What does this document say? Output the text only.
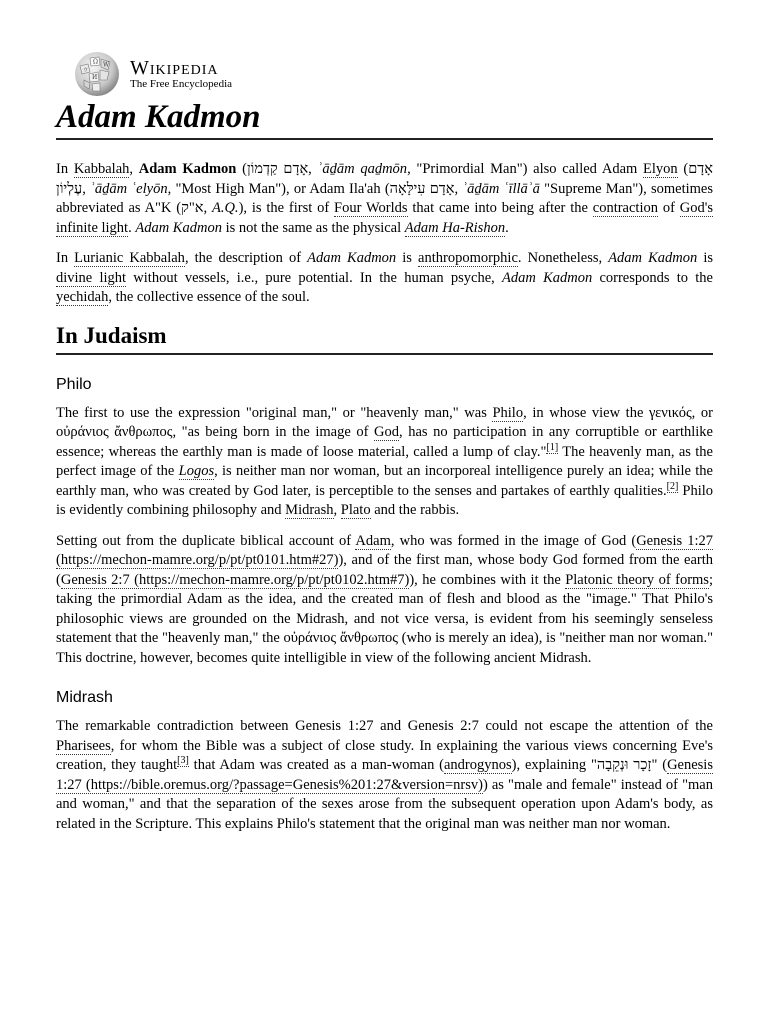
Ω W
И
ウ Wikipedia
The Free Encyclopedia
Adam Kadmon

In Kabbalah, Adam Kadmon (אָדָם קַדְמוֹן, ʾāḏām qaḏmōn, "Primordial Man") also called Adam Elyon (אָדָם עֶלְיוֹן, ʾāḏām ʿelyōn, "Most High Man"), or Adam Ila'ah (אָדָם עִילָּאָה, ʾāḏām ʿīllāʾā "Supreme Man"), sometimes abbreviated as A"K (א"ק, A.Q.), is the first of Four Worlds that came into being after the contraction of God's infinite light. Adam Kadmon is not the same as the physical Adam Ha-Rishon.

In Lurianic Kabbalah, the description of Adam Kadmon is anthropomorphic. Nonetheless, Adam Kadmon is divine light without vessels, i.e., pure potential. In the human psyche, Adam Kadmon corresponds to the yechidah, the collective essence of the soul.

In Judaism
Philo

The first to use the expression "original man," or "heavenly man," was Philo, in whose view the γενικός, or οὐράνιος ἄνθρωπος, "as being born in the image of God, has no participation in any corruptible or earthlike essence; whereas the earthly man is made of loose material, called a lump of clay."[1] The heavenly man, as the perfect image of the Logos, is neither man nor woman, but an incorporeal intelligence purely an idea; while the earthly man, who was created by God later, is perceptible to the senses and partakes of earthly qualities.[2] Philo is evidently combining philosophy and Midrash, Plato and the rabbis.

Setting out from the duplicate biblical account of Adam, who was formed in the image of God (Genesis 1:27 (https://mechon-mamre.org/p/pt/pt0101.htm#27)), and of the first man, whose body God formed from the earth (Genesis 2:7 (https://mechon-mamre.org/p/pt/pt0102.htm#7)), he combines with it the Platonic theory of forms; taking the primordial Adam as the idea, and the created man of flesh and blood as the "image." That Philo's philosophic views are grounded on the Midrash, and not vice versa, is evident from his seemingly senseless statement that the "heavenly man," the οὐράνιος ἄνθρωπος (who is merely an idea), is "neither man nor woman." This doctrine, however, becomes quite intelligible in view of the following ancient Midrash.

Midrash

The remarkable contradiction between Genesis 1:27 and Genesis 2:7 could not escape the attention of the Pharisees, for whom the Bible was a subject of close study. In explaining the various views concerning Eve's creation, they taught[3] that Adam was created as a man-woman (androgynos), explaining "זָכָר וּנְקֵבָה" (Genesis 1:27 (https://bible.oremus.org/?passage=Genesis%201:27&version=nrsv)) as "male and female" instead of "man and woman," and that the separation of the sexes arose from the subsequent operation upon Adam's body, as related in the Scripture. This explains Philo's statement that the original man was neither man nor woman.
